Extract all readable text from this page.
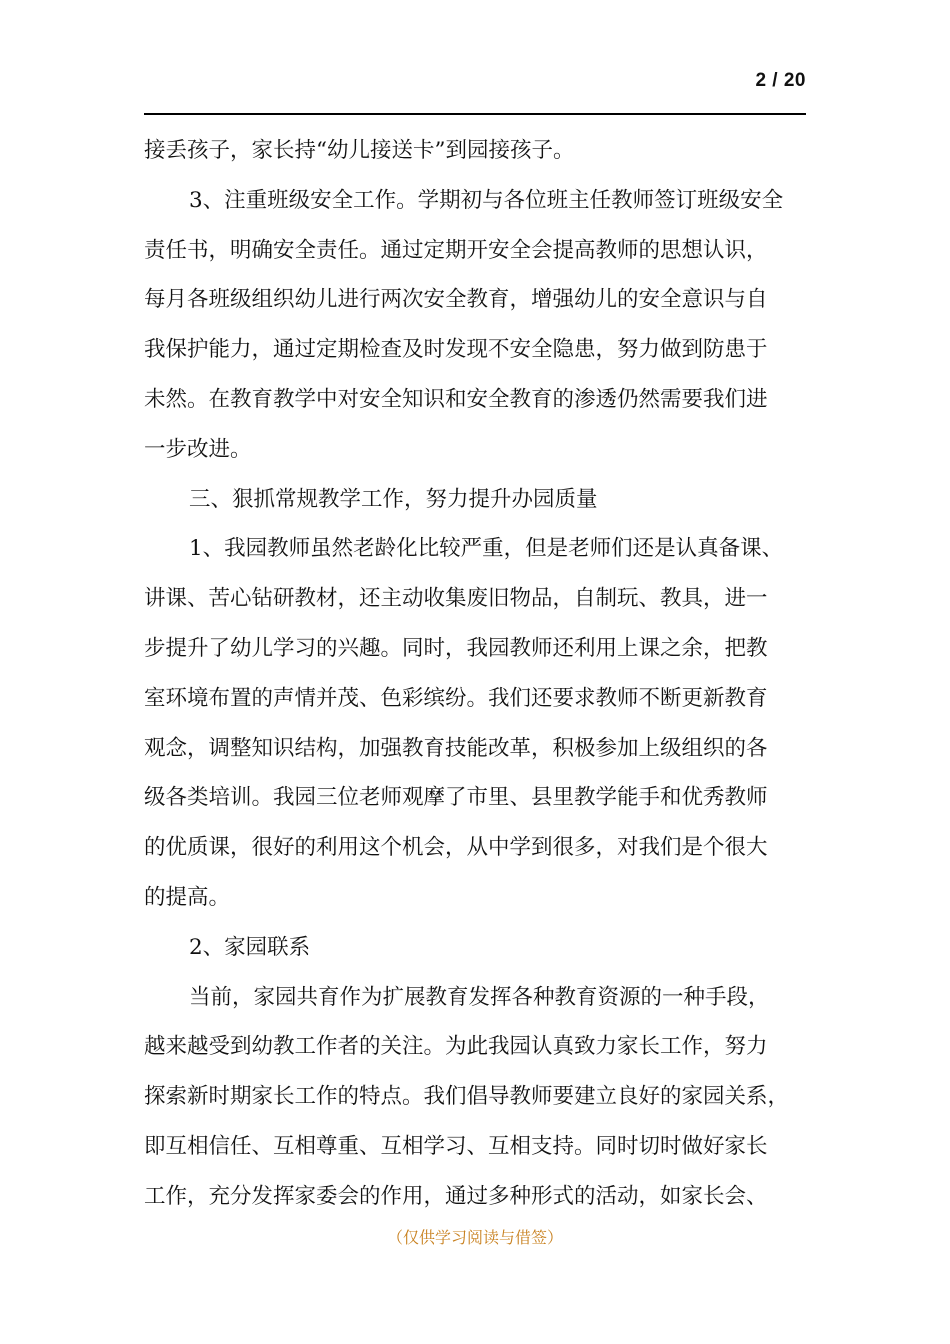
2 / 20
接丢孩子，家长持“幼儿接送卡”到园接孩子。
3、注重班级安全工作。学期初与各位班主任教师签订班级安全
责任书，明确安全责任。通过定期开安全会提高教师的思想认识，
每月各班级组织幼儿进行两次安全教育，增强幼儿的安全意识与自
我保护能力，通过定期检查及时发现不安全隐患，努力做到防患于
未然。在教育教学中对安全知识和安全教育的渗透仍然需要我们进
一步改进。
三、狠抓常规教学工作，努力提升办园质量
1、我园教师虽然老龄化比较严重，但是老师们还是认真备课、
讲课、苦心钻研教材，还主动收集废旧物品，自制玩、教具，进一
步提升了幼儿学习的兴趣。同时，我园教师还利用上课之余，把教
室环境布置的声情并茂、色彩缤纷。我们还要求教师不断更新教育
观念，调整知识结构，加强教育技能改革，积极参加上级组织的各
级各类培训。我园三位老师观摩了市里、县里教学能手和优秀教师
的优质课，很好的利用这个机会，从中学到很多，对我们是个很大
的提高。
2、家园联系
当前，家园共育作为扩展教育发挥各种教育资源的一种手段，
越来越受到幼教工作者的关注。为此我园认真致力家长工作，努力
探索新时期家长工作的特点。我们倡导教师要建立良好的家园关系，
即互相信任、互相尊重、互相学习、互相支持。同时切时做好家长
工作，充分发挥家委会的作用，通过多种形式的活动，如家长会、
（仅供学习阅读与借签）
